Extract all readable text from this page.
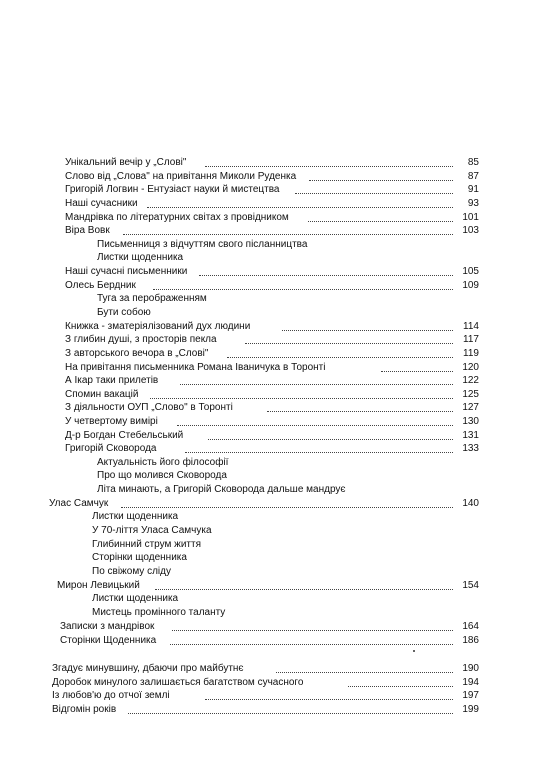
Унікальний вечір у „Слові"	85
Слово від „Слова" на привітання Миколи Руденка	87
Григорій Логвин - Ентузіаст науки й мистецтва	91
Наші сучасники	93
Мандрівка по літературних світах з провідником	101
Віра Вовк	103
Письменниця з відчуттям свого післанництва
Листки щоденника
Наші сучасні письменники	105
Олесь Бердник	109
Туга за перображенням
Бути собою
Книжка - зматеріялізований дух людини	114
З глибин душі, з просторів пекла	117
З авторського вечора в „Слові"	119
На привітання письменника Романа Іваничука в Торонті	120
А Ікар таки прилетів	122
Спомин вакацій	125
З діяльности ОУП „Слово" в Торонті	127
У четвертому вимірі	130
Д-р Богдан Стебельський	131
Григорій Сковорода	133
Актуальність його філософії
Про що молився Сковорода
Літа минають, а Григорій Сковорода дальше мандрує
Улас Самчук	140
Листки щоденника
У 70-ліття Уласа Самчука
Глибинний струм життя
Сторінки щоденника
По свіжому сліду
Мирон Левицький	154
Листки щоденника
Мистець промінного таланту
Записки з мандрівок	164
Сторінки Щоденника	186
Згадує минувшину, дбаючи про майбутнє	190
Доробок минулого залишається багатством сучасного	194
Із любов'ю до отчої землі	197
Відгомін років	199
